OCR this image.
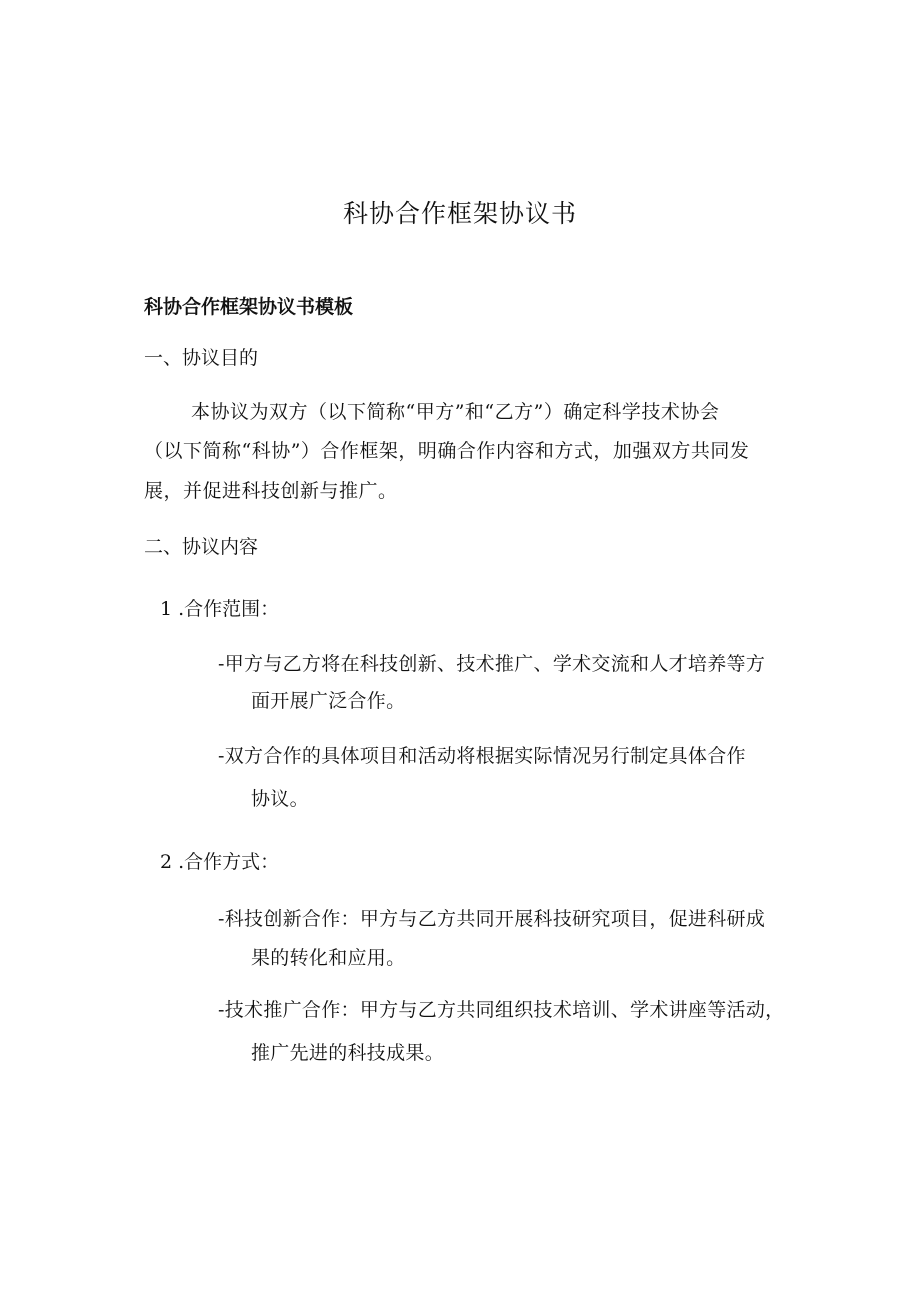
科协合作框架协议书
科协合作框架协议书模板
一、协议目的
本协议为双方（以下简称“甲方”和“乙方”）确定科学技术协会
（以下简称“科协”）合作框架，明确合作内容和方式，加强双方共同发
展，并促进科技创新与推广。
二、协议内容
1 .合作范围：
-甲方与乙方将在科技创新、技术推广、学术交流和人才培养等方
面开展广泛合作。
-双方合作的具体项目和活动将根据实际情况另行制定具体合作
协议。
2 .合作方式：
-科技创新合作：甲方与乙方共同开展科技研究项目，促进科研成
果的转化和应用。
-技术推广合作：甲方与乙方共同组织技术培训、学术讲座等活动，
推广先进的科技成果。
